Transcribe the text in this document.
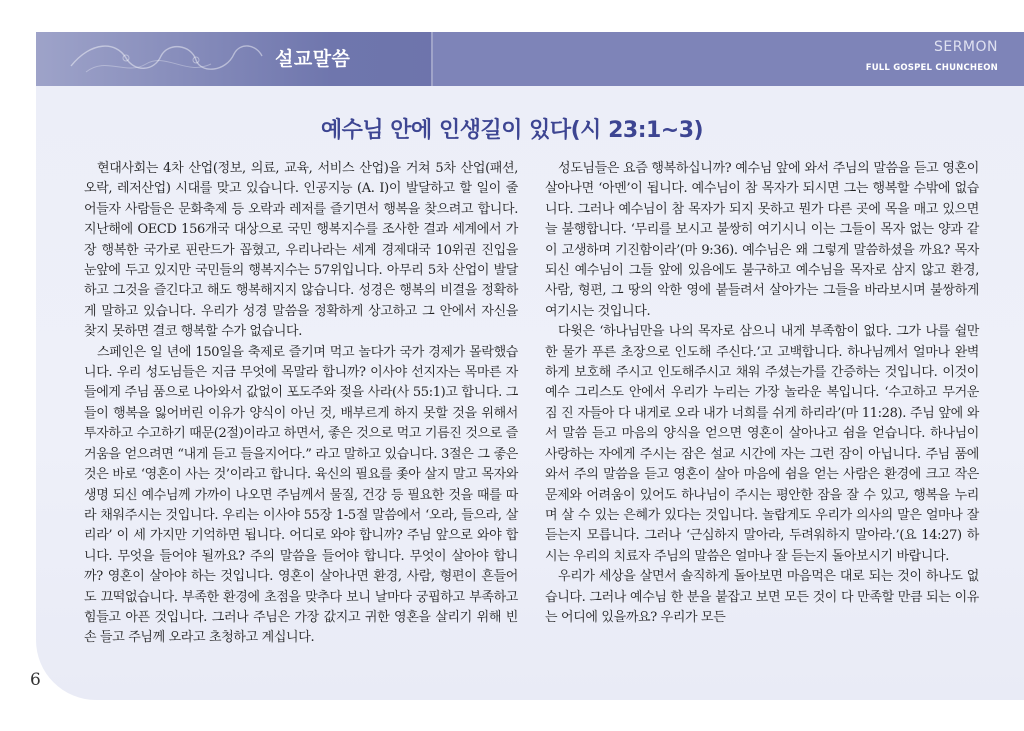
설교말씀
SERMON
FULL GOSPEL CHUNCHEON
예수님 안에 인생길이 있다(시 23:1~3)

현대사회는 4차 산업(정보, 의료, 교육, 서비스 산업)을 거쳐 5차 산업(패션, 오락, 레저산업) 시대를 맞고 있습니다. 인공지능 (A. I)이 발달하고 할 일이 줄어들자 사람들은 문화축제 등 오락과 레저를 즐기면서 행복을 찾으려고 합니다. 지난해에 OECD 156개국 대상으로 국민 행복지수를 조사한 결과 세계에서 가장 행복한 국가로 핀란드가 꼽혔고, 우리나라는 세계 경제대국 10위권 진입을 눈앞에 두고 있지만 국민들의 행복지수는 57위입니다. 아무리 5차 산업이 발달하고 그것을 즐긴다고 해도 행복해지지 않습니다. 성경은 행복의 비결을 정확하게 말하고 있습니다. 우리가 성경 말씀을 정확하게 상고하고 그 안에서 자신을 찾지 못하면 결코 행복할 수가 없습니다.

스페인은 일 년에 150일을 축제로 즐기며 먹고 놀다가 국가 경제가 몰락했습니다. 우리 성도님들은 지금 무엇에 목말라 합니까? 이사야 선지자는 목마른 자들에게 주님 품으로 나아와서 값없이 포도주와 젖을 사라(사 55:1)고 합니다. 그들이 행복을 잃어버린 이유가 양식이 아닌 것, 배부르게 하지 못할 것을 위해서 투자하고 수고하기 때문(2절)이라고 하면서, 좋은 것으로 먹고 기름진 것으로 즐거움을 얻으려면 “내게 듣고 들을지어다.” 라고 말하고 있습니다. 3절은 그 좋은 것은 바로 ‘영혼이 사는 것’이라고 합니다. 육신의 필요를 좇아 살지 말고 목자와 생명 되신 예수님께 가까이 나오면 주님께서 물질, 건강 등 필요한 것을 때를 따라 채워주시는 것입니다. 우리는 이사야 55장 1-5절 말씀에서 ‘오라, 들으라, 살리라’ 이 세 가지만 기억하면 됩니다. 어디로 와야 합니까? 주님 앞으로 와야 합니다. 무엇을 들어야 될까요? 주의 말씀을 들어야 합니다. 무엇이 살아야 합니까? 영혼이 살아야 하는 것입니다. 영혼이 살아나면 환경, 사람, 형편이 흔들어도 끄떡없습니다. 부족한 환경에 초점을 맞추다 보니 날마다 궁핍하고 부족하고 힘들고 아픈 것입니다. 그러나 주님은 가장 값지고 귀한 영혼을 살리기 위해 빈 손 들고 주님께 오라고 초청하고 계십니다.

성도님들은 요즘 행복하십니까? 예수님 앞에 와서 주님의 말씀을 듣고 영혼이 살아나면 ‘아멘’이 됩니다. 예수님이 참 목자가 되시면 그는 행복할 수밖에 없습니다. 그러나 예수님이 참 목자가 되지 못하고 뭔가 다른 곳에 목을 매고 있으면 늘 불행합니다. ‘무리를 보시고 불쌍히 여기시니 이는 그들이 목자 없는 양과 같이 고생하며 기진함이라’(마 9:36). 예수님은 왜 그렇게 말씀하셨을 까요? 목자 되신 예수님이 그들 앞에 있음에도 불구하고 예수님을 목자로 삼지 않고 환경, 사람, 형편, 그 땅의 악한 영에 붙들려서 살아가는 그들을 바라보시며 불쌍하게 여기시는 것입니다.

다윗은 ‘하나님만을 나의 목자로 삼으니 내게 부족함이 없다. 그가 나를 쉴만한 물가 푸른 초장으로 인도해 주신다.’고 고백합니다. 하나님께서 얼마나 완벽하게 보호해 주시고 인도해주시고 채워 주셨는가를 간증하는 것입니다. 이것이 예수 그리스도 안에서 우리가 누리는 가장 놀라운 복입니다. ‘수고하고 무거운 짐 진 자들아 다 내게로 오라 내가 너희를 쉬게 하리라’(마 11:28). 주님 앞에 와서 말씀 듣고 마음의 양식을 얻으면 영혼이 살아나고 쉼을 얻습니다. 하나님이 사랑하는 자에게 주시는 잠은 설교 시간에 자는 그런 잠이 아닙니다. 주님 품에 와서 주의 말씀을 듣고 영혼이 살아 마음에 쉼을 얻는 사람은 환경에 크고 작은 문제와 어려움이 있어도 하나님이 주시는 평안한 잠을 잘 수 있고, 행복을 누리며 살 수 있는 은혜가 있다는 것입니다. 놀랍게도 우리가 의사의 말은 얼마나 잘 듣는지 모릅니다. 그러나 ‘근심하지 말아라, 두려워하지 말아라.’(요 14:27) 하시는 우리의 치료자 주님의 말씀은 얼마나 잘 듣는지 돌아보시기 바랍니다.

우리가 세상을 살면서 솔직하게 돌아보면 마음먹은 대로 되는 것이 하나도 없습니다. 그러나 예수님 한 분을 붙잡고 보면 모든 것이 다 만족할 만큼 되는 이유는 어디에 있을까요? 우리가 모든

6
